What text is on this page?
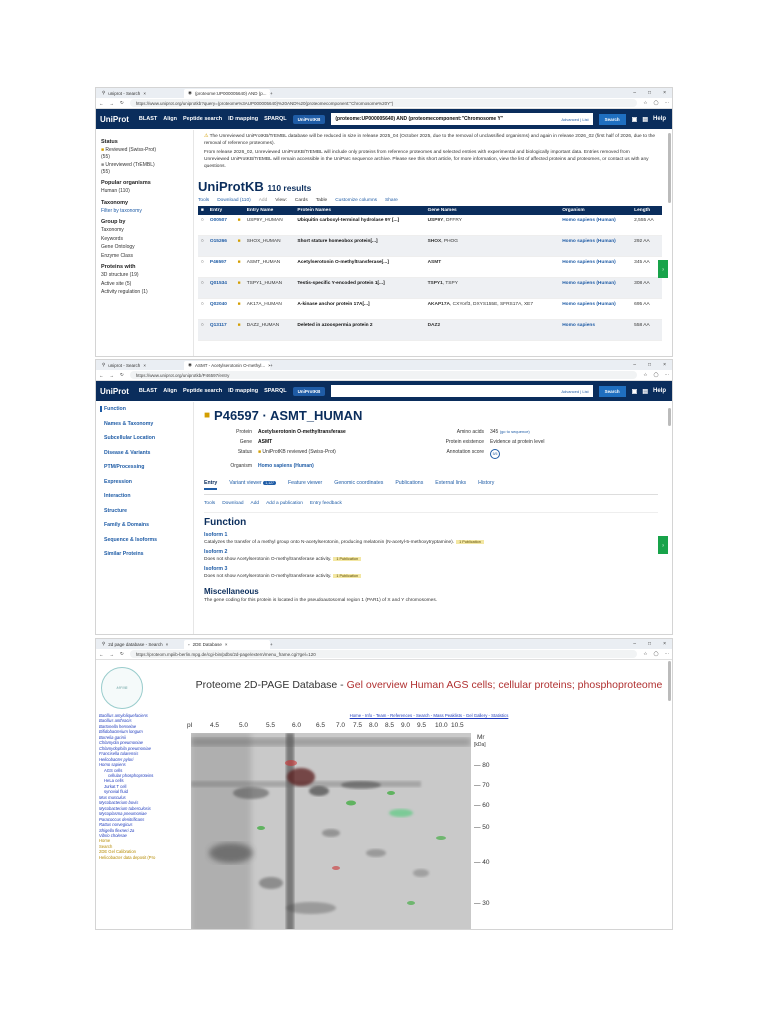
⚲ uniprot - Search ×	◉ (proteome:UP000005640) AND (p... +	– □ ×
← → ↻	https://www.uniprot.org/uniprotkb?query=(proteome%3AUP000005640)%20AND%20(proteomecomponent:"Chromosome%20Y")	☆ ◯ ⋯
UniProt BLAST Align Peptide search ID mapping SPARQL	UniProtKB	(proteome:UP000005640) AND (proteomecomponent:"Chromosome Y"	Advanced | List	Search	▣ ▤ Help
Status
■ Reviewed (Swiss-Prot)
(55)
■ Unreviewed (TrEMBL)
(55)
Popular organisms
Human (110)
Taxonomy
Filter by taxonomy
Group by
Taxonomy
Keywords
Gene Ontology
Enzyme Class
Proteins with
3D structure (19)
Active site (5)
Activity regulation (1)
⚠ The Unreviewed UniProtKB/TrEMBL database will be reduced in size in release 2025_04 (October 2025, due to the removal of unclassified organisms) and again in release 2026_02 (first half of 2026, due to the removal of reference proteomes).
From release 2026_02, Unreviewed UniProtKB/TrEMBL will include only proteins from reference proteomes and selected entries with experimental and biologically important data. Entries removed from Unreviewed UniProtKB/TrEMBL will remain accessible in the UniParc sequence archive. Please see this short article, for more information, view the list of affected proteins and proteomes, or contact us with any questions.
UniProtKB 110 results
Tools Download (110) Add View: Cards Table Customize columns Share
■	Entry		Entry Name	Protein Names	Gene Names	Organism	Length
○	O00507	■	USP9Y_HUMAN	Ubiquitin carboxyl-terminal hydrolase 9Y [...]	USP9Y, DFFRY	Homo sapiens (Human)	2,555 AA
○	O15266	■	SHOX_HUMAN	Short stature homeobox protein[...]	SHOX, PHOG	Homo sapiens (Human)	292 AA
○	P46597	■	ASMT_HUMAN	Acetylserotonin O-methyltransferase[...]	ASMT	Homo sapiens (Human)	345 AA
○	Q01534	■	TSPY1_HUMAN	Testis-specific Y-encoded protein 1[...]	TSPY1, TSPY	Homo sapiens (Human)	308 AA
○	Q02040	■	AK17A_HUMAN	A-kinase anchor protein 17A[...]	AKAP17A, CXYorf3, DXYS155E, SFRS17A, XE7	Homo sapiens (Human)	695 AA
○	Q13117	■	DAZ2_HUMAN	Deleted in azoospermia protein 2	DAZ2	Homo sapiens	558 AA
?
⚲ uniprot - Search ×	◉ ASMT - Acetylserotonin O-methyl... +	– □ ×
← → ↻	https://www.uniprot.org/uniprotkb/P46597/entry	☆ ◯ ⋯
UniProt BLAST Align Peptide search ID mapping SPARQL	UniProtKB	Advanced | List	Search	▣ ▤ Help
Function
Names & Taxonomy
Subcellular Location
Disease & Variants
PTM/Processing
Expression
Interaction
Structure
Family & Domains
Sequence & Isoforms
Similar Proteins
■ P46597 · ASMT_HUMAN
Protein Acetylserotonin O-methyltransferase	Amino acids 345 (go to sequence)
Gene ASMT	Protein existence Evidence at protein level
Status ■ UniProtKB reviewed (Swiss-Prot)	Annotation score	5/5
Organism Homo sapiens (Human)
Entry Variant viewer 1,127	Feature viewer Genomic coordinates Publications External links History
Tools Download Add Add a publication Entry feedback
Function
Isoform 1

Catalyzes the transfer of a methyl group onto N-acetylserotonin, producing melatonin (N-acetyl-5-methoxytryptamine). 1 Publication

Isoform 2

Does not show Acetylserotonin O-methyltransferase activity. 1 Publication

Isoform 3

Does not show Acetylserotonin O-methyltransferase activity. 1 Publication

Miscellaneous

The gene coding for this protein is located in the pseudoautosomal region 1 (PAR1) of X and Y chromosomes.

?
⚲ 2d page database - Search ×	▫ 2DE Database ×	+	– □ ×
← → ↻	https://proteom.mpiib-berlin.mpg.de/cgi-bin/pdbs/2d-page/extern/menu_frame.cgi?gel=120	☆ ◯ ⋯
MPIIB
Bacillus amyloliquefaciens
Bacillus anthracis
Bartonella henselae
Bifidobacterium longum
Borrelia garinii
Chlamydia pneumoniae
Chlamydophila pneumoniae
Francisella tularensis
Helicobacter pylori
Homo sapiens
AGS cells
cellular phosphoproteins
HeLa cells
Jurkat T cell
synovial fluid
Mus musculus
Mycobacterium bovis
Mycobacterium tuberculosis
Mycoplasma pneumoniae
Paracoccus denitrificans
Rattus norvegicus
Shigella flexneri 2a
Vibrio cholerae
Home
Search
2DE Gel Calibration
Helicobacter data deposit (Pro
Proteome 2D-PAGE Database - Gel overview Human AGS cells; cellular proteins; phosphoproteome
Home - Info - Team - References - Search - Mass Peaklists - Gel Gallery - Statistics
pI	4.5	5.0	5.5	6.0 6.5 7.0 7.5 8.0 8.5 9.0 9.5 10.0 10.5
Mr
[kDa]
— 80
— 70
— 60
— 50
— 40
— 30
